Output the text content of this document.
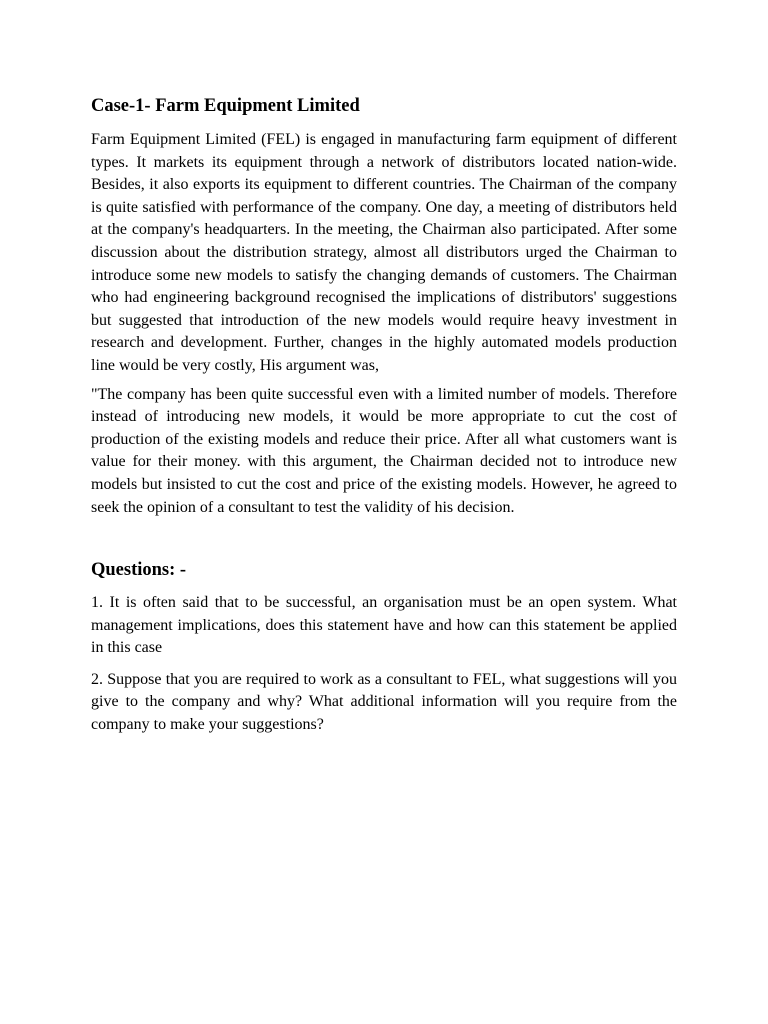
Case-1- Farm Equipment Limited

Farm Equipment Limited (FEL) is engaged in manufacturing farm equipment of different types. It markets its equipment through a network of distributors located nation-wide. Besides, it also exports its equipment to different countries. The Chairman of the company is quite satisfied with performance of the company. One day, a meeting of distributors held at the company's headquarters. In the meeting, the Chairman also participated. After some discussion about the distribution strategy, almost all distributors urged the Chairman to introduce some new models to satisfy the changing demands of customers. The Chairman who had engineering background recognised the implications of distributors' suggestions but suggested that introduction of the new models would require heavy investment in research and development. Further, changes in the highly automated models production line would be very costly, His argument was,

"The company has been quite successful even with a limited number of models. Therefore instead of introducing new models, it would be more appropriate to cut the cost of production of the existing models and reduce their price. After all what customers want is value for their money. with this argument, the Chairman decided not to introduce new models but insisted to cut the cost and price of the existing models. However, he agreed to seek the opinion of a consultant to test the validity of his decision.

Questions: -

1. It is often said that to be successful, an organisation must be an open system. What management implications, does this statement have and how can this statement be applied in this case

2. Suppose that you are required to work as a consultant to FEL, what suggestions will you give to the company and why? What additional information will you require from the company to make your suggestions?
